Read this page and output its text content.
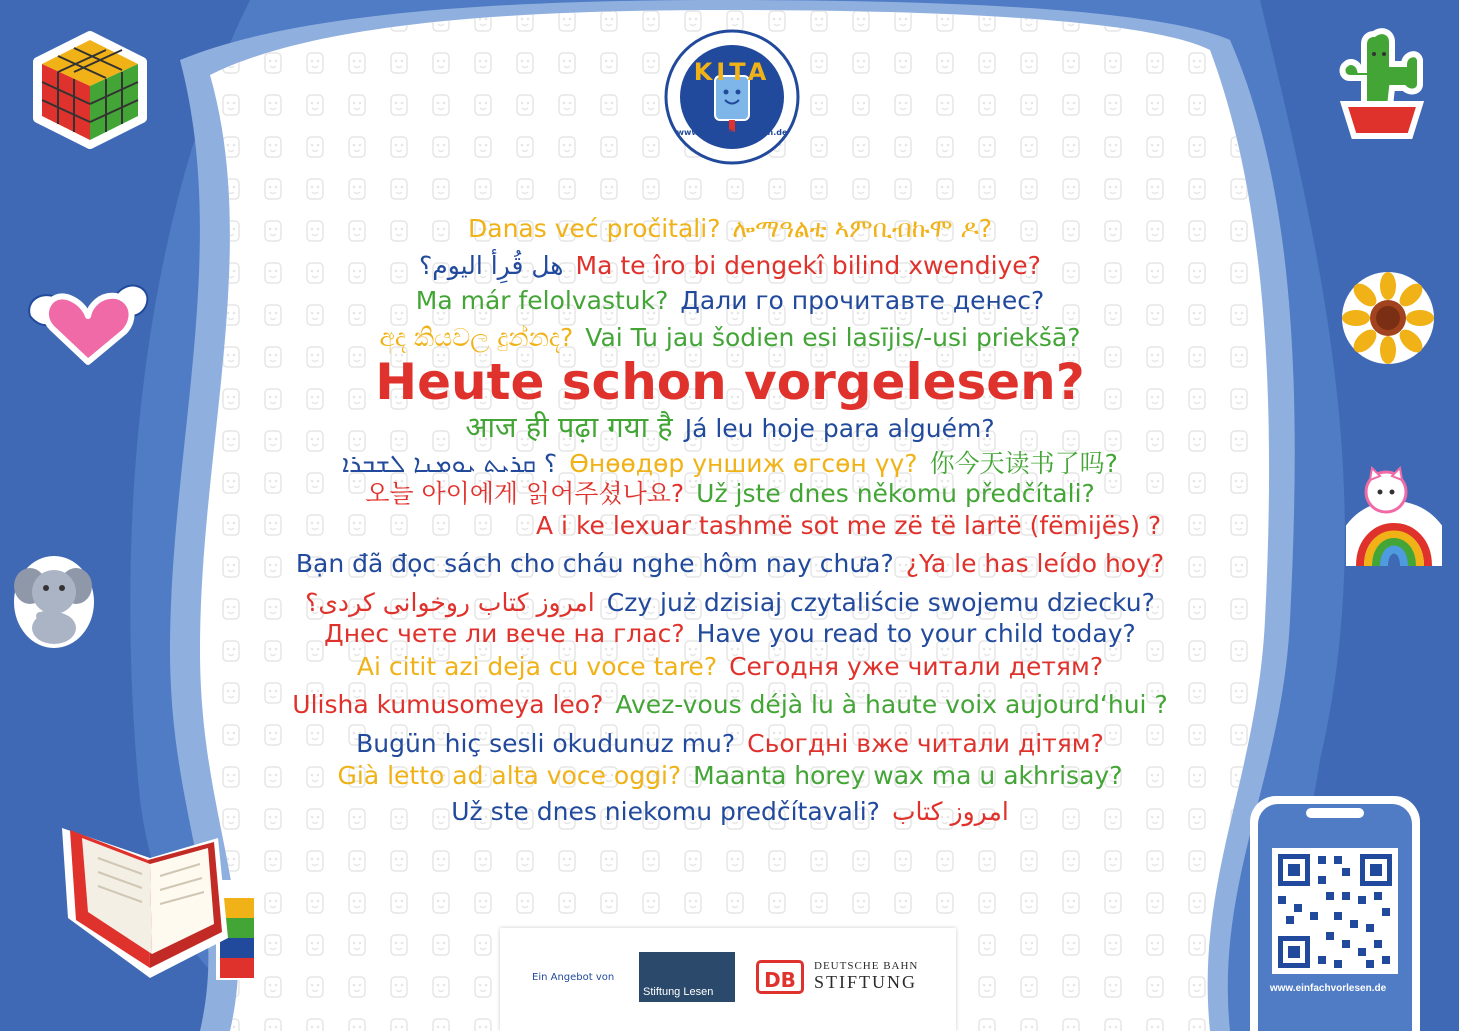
KITA
www.einfachvorlesen.de
Danas već pročitali? ሎማዓልቲ ኣምቢብኩሞ ዶ?
هل قُرِأ اليوم؟ Ma te îro bi dengekî bilind xwendiye?
Ma már felolvastuk? Дали го прочитавте денес?
අද කියවල දුන්නද? Vai Tu jau šodien esi lasījis/-usi priekšā?
Heute schon vorgelesen?
आज ही पढ़ा गया है Já leu hoje para alguém?
؟ ܩܪܝܬ ܝܘܡܢܐ ܠܫܒܪܐ Өнөөдөр уншиж өгсөн үү? 你今天读书了吗?
오늘 아이에게 읽어주셨나요? Už jste dnes někomu předčítali?
A i ke lexuar tashmë sot me zë të lartë (fëmijës) ?
Bạn đã đọc sách cho cháu nghe hôm nay chưa? ¿Ya le has leído hoy?
امروز کتاب روخوانی کردی؟ Czy już dzisiaj czytaliście swojemu dziecku?
Днес чете ли вече на глас? Have you read to your child today?
Ai citit azi deja cu voce tare? Сегодня уже читали детям?
Ulisha kumusomeya leo? Avez-vous déjà lu à haute voix aujourd‘hui ?
Bugün hiç sesli okudunuz mu? Сьогдні вже читали дітям?
Già letto ad alta voce oggi? Maanta horey wax ma u akhrisay?
Už ste dnes niekomu predčítavali? امروز کتاب
www.einfachvorlesen.de
Ein Angebot von
Stiftung Lesen	DB
DEUTSCHE BAHN
STIFTUNG
